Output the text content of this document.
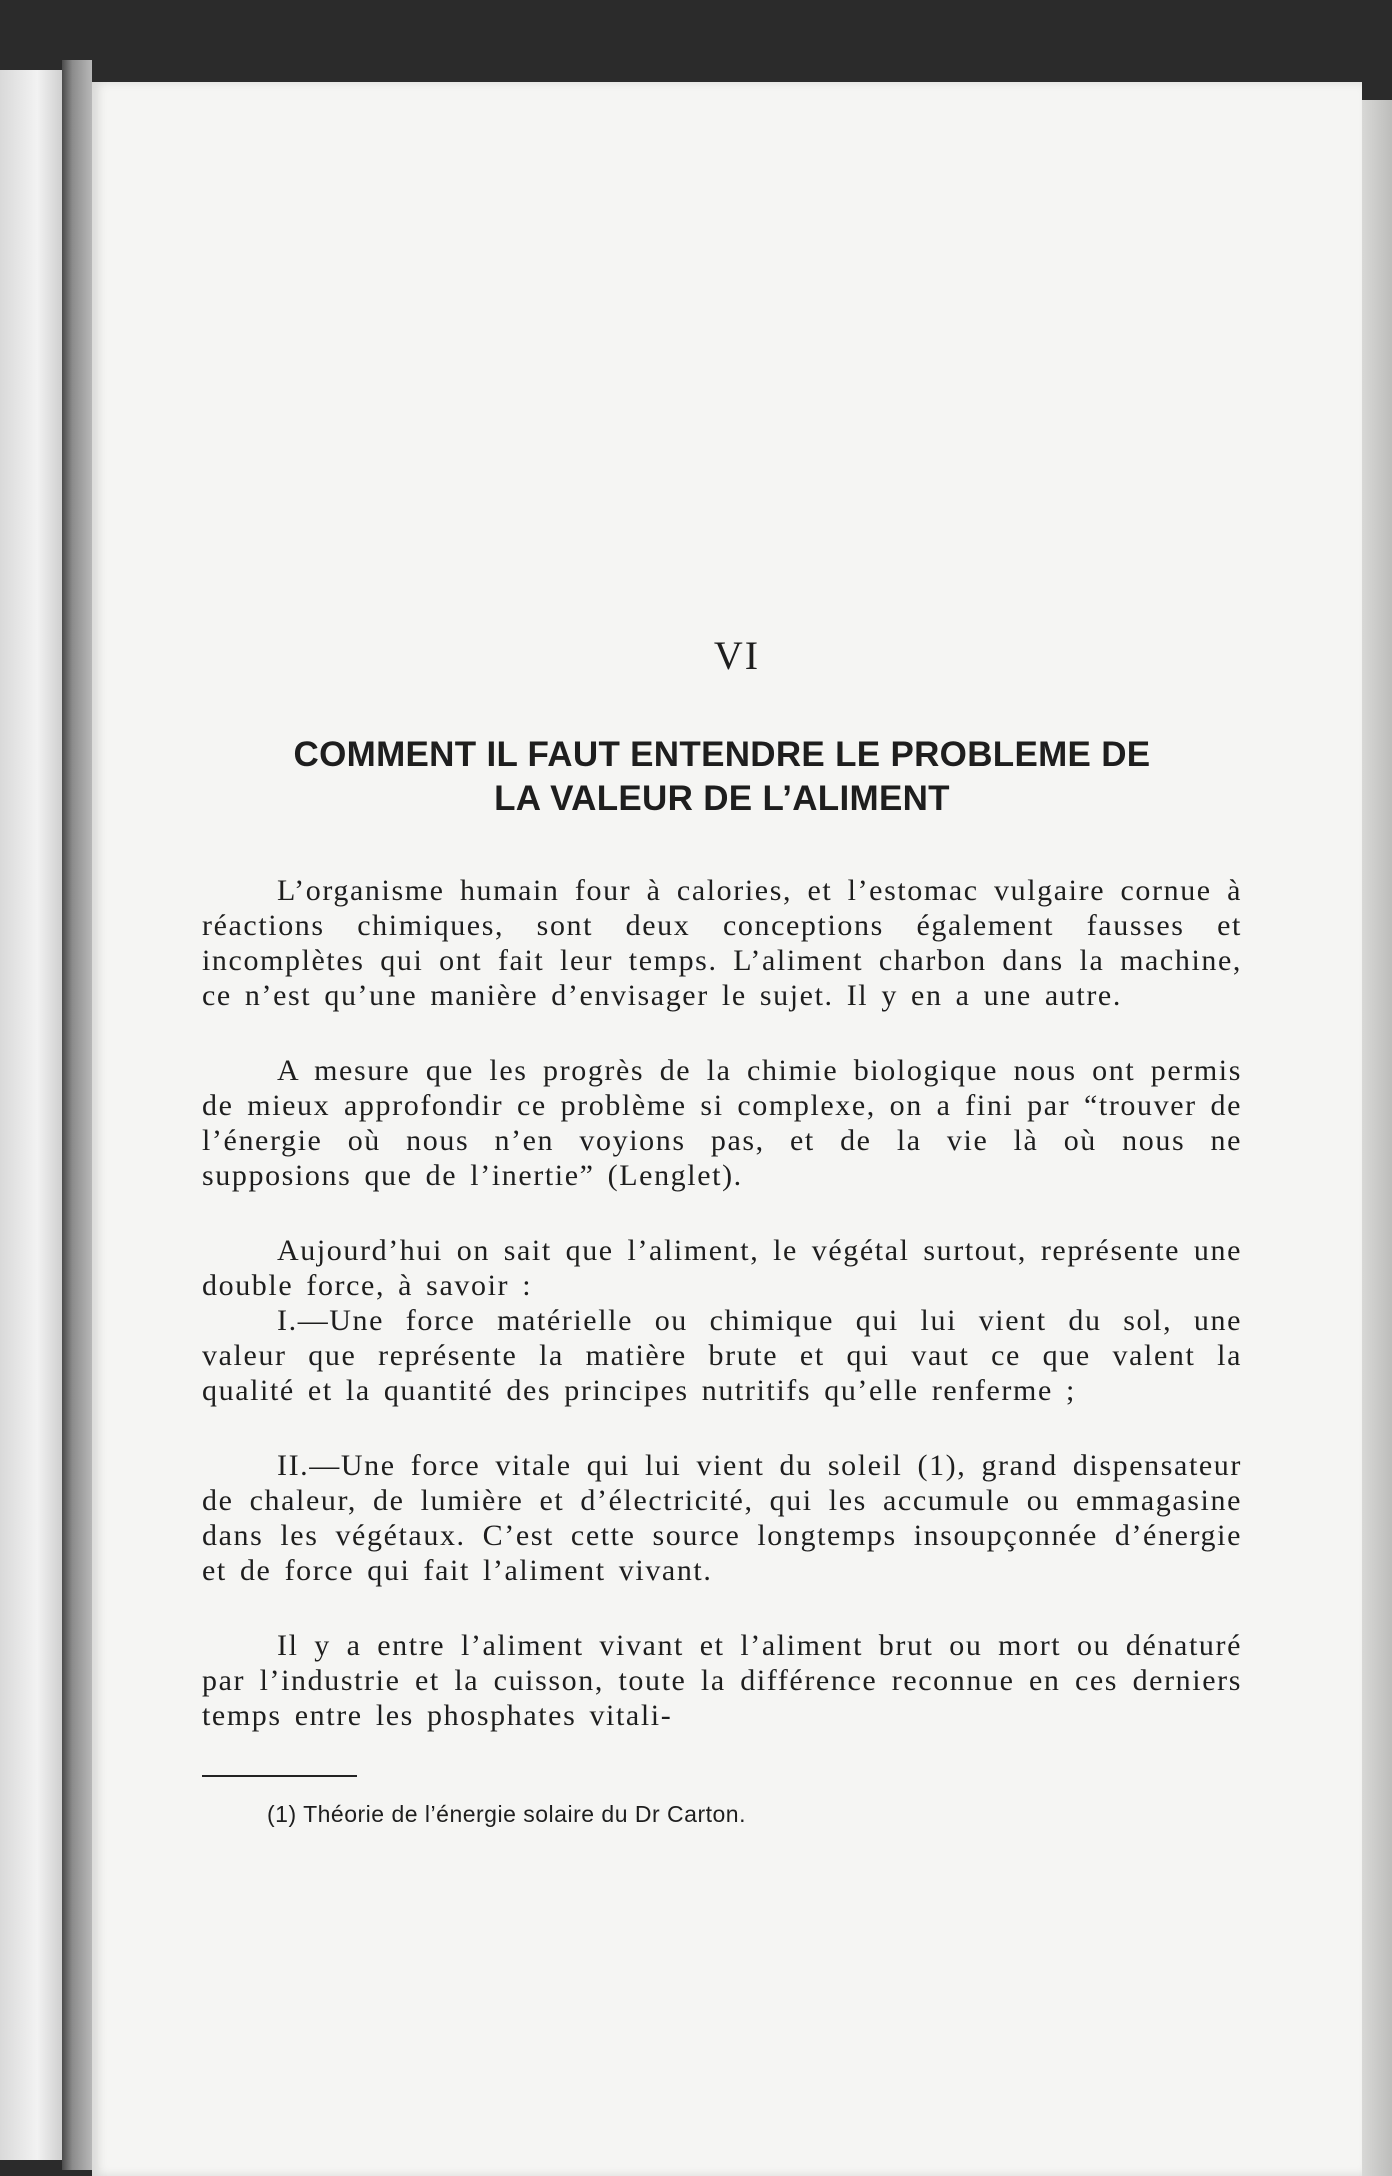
VI
COMMENT IL FAUT ENTENDRE LE PROBLEME DE
LA VALEUR DE L’ALIMENT

L’organisme humain four à calories, et l’estomac vulgaire cornue à réactions chimiques, sont deux conceptions également fausses et incomplètes qui ont fait leur temps. L’aliment charbon dans la machine, ce n’est qu’une manière d’envisager le sujet. Il y en a une autre.

A mesure que les progrès de la chimie biologique nous ont permis de mieux approfondir ce problème si complexe, on a fini par “trouver de l’énergie où nous n’en voyions pas, et de la vie là où nous ne supposions que de l’inertie” (Lenglet).

Aujourd’hui on sait que l’aliment, le végétal surtout, représente une double force, à savoir :

I.—Une force matérielle ou chimique qui lui vient du sol, une valeur que représente la matière brute et qui vaut ce que valent la qualité et la quantité des principes nutritifs qu’elle renferme ;

II.—Une force vitale qui lui vient du soleil (1), grand dispensateur de chaleur, de lumière et d’électricité, qui les accumule ou emmagasine dans les végétaux. C’est cette source longtemps insoupçonnée d’énergie et de force qui fait l’aliment vivant.

Il y a entre l’aliment vivant et l’aliment brut ou mort ou dénaturé par l’industrie et la cuisson, toute la différence reconnue en ces derniers temps entre les phosphates vitali-

(1) Théorie de l’énergie solaire du Dr Carton.
